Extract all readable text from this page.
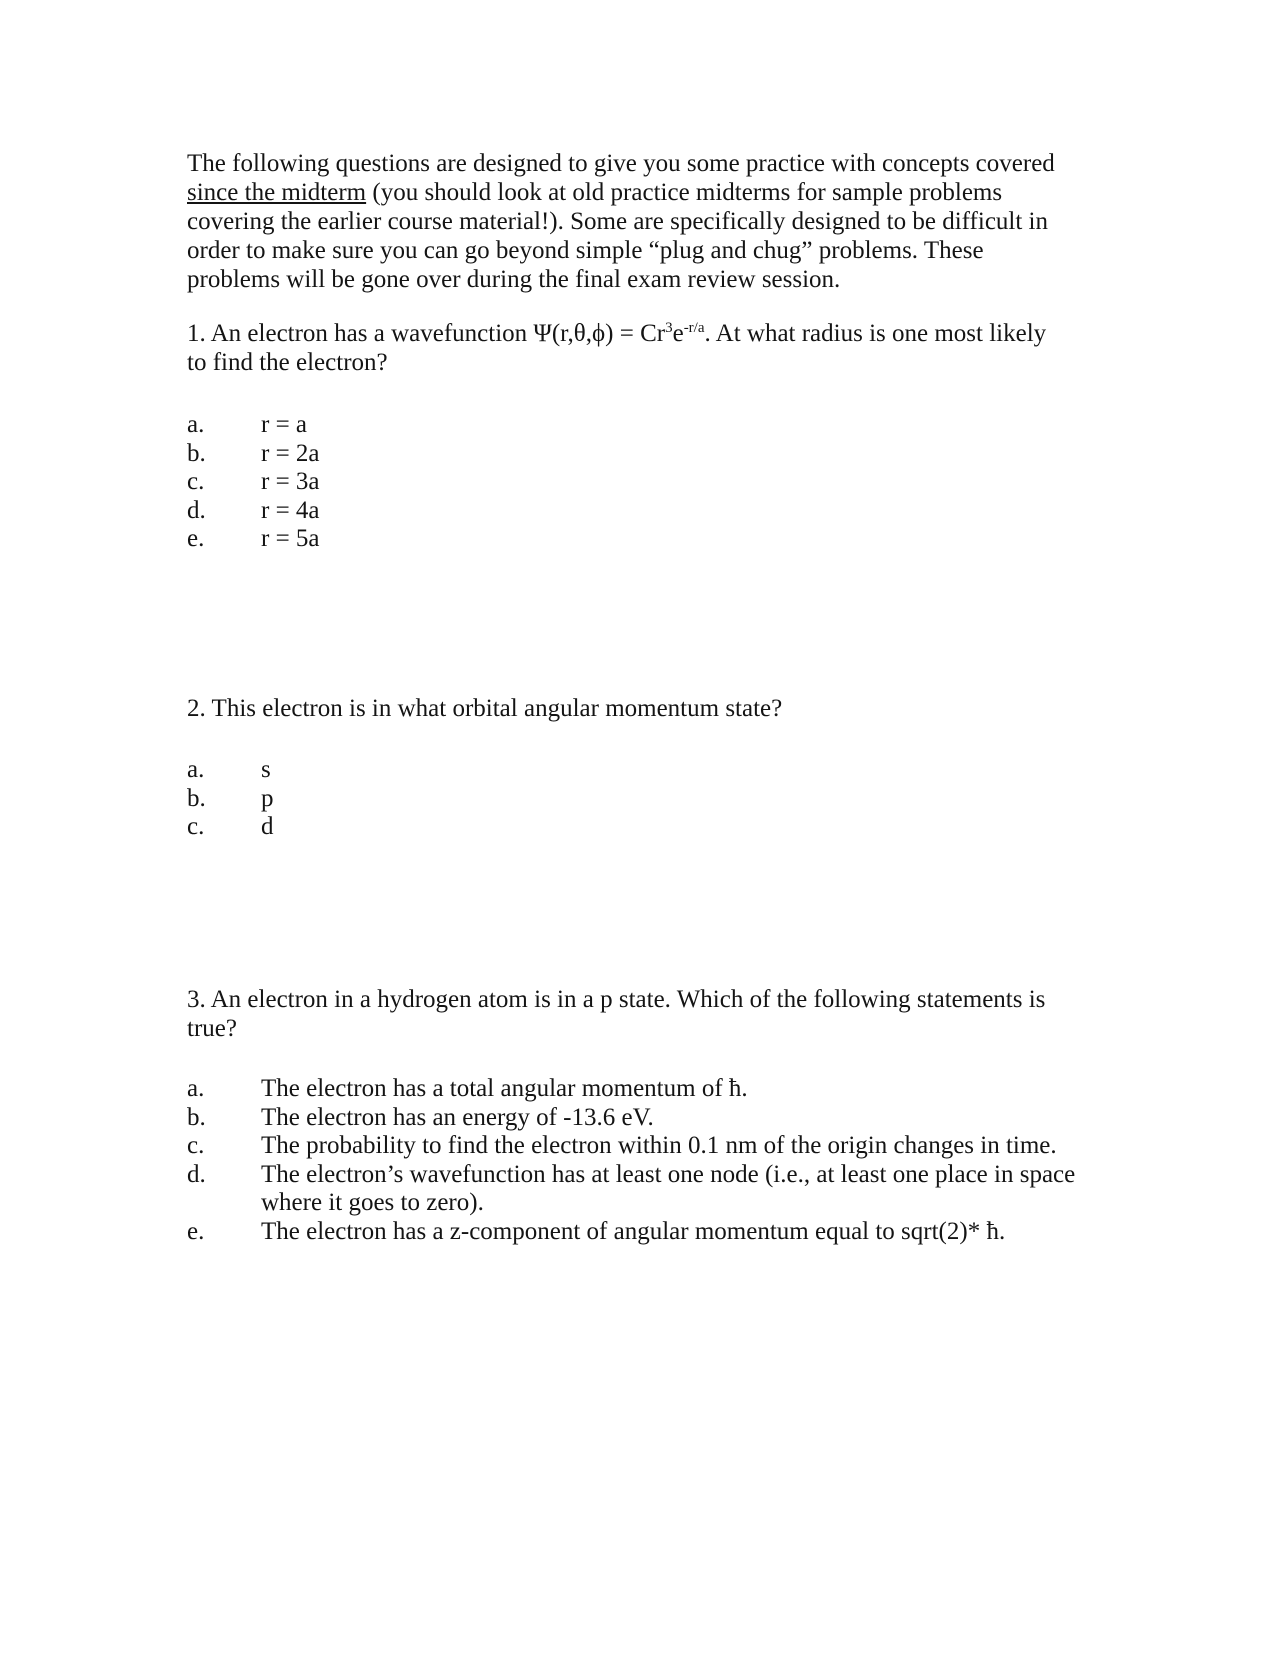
The following questions are designed to give you some practice with concepts covered
since the midterm (you should look at old practice midterms for sample problems
covering the earlier course material!). Some are specifically designed to be difficult in
order to make sure you can go beyond simple “plug and chug” problems. These
problems will be gone over during the final exam review session.
1. An electron has a wavefunction $\Psi(r,\theta,\phi) = Cr^3e^{-r/a}$. At what radius is one most likely
to find the electron?
a. r = a
b. r = 2a
c. r = 3a
d. r = 4a
e. r = 5a
2. This electron is in what orbital angular momentum state?
a. s
b. p
c. d
3. An electron in a hydrogen atom is in a p state. Which of the following statements is
true?
a. The electron has a total angular momentum of ħ.
b. The electron has an energy of -13.6 eV.
c. The probability to find the electron within 0.1 nm of the origin changes in time.
d. The electron’s wavefunction has at least one node (i.e., at least one place in space
where it goes to zero).
e. The electron has a z-component of angular momentum equal to sqrt(2)* ħ.
